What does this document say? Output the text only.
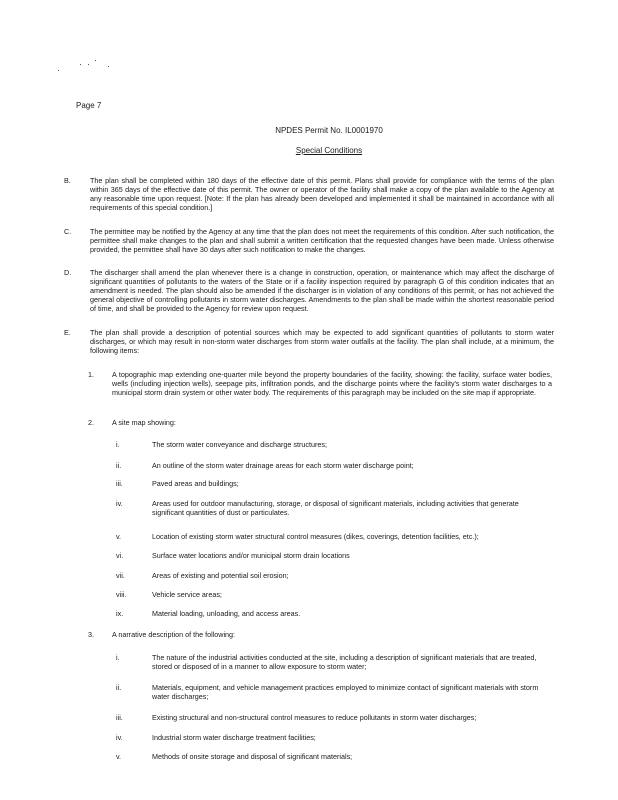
Page 7
NPDES Permit No. IL0001970
Special Conditions
B.	The plan shall be completed within 180 days of the effective date of this permit. Plans shall provide for compliance with the terms of the plan within 365 days of the effective date of this permit. The owner or operator of the facility shall make a copy of the plan available to the Agency at any reasonable time upon request. [Note: If the plan has already been developed and implemented it shall be maintained in accordance with all requirements of this special condition.]
C.	The permittee may be notified by the Agency at any time that the plan does not meet the requirements of this condition. After such notification, the permittee shall make changes to the plan and shall submit a written certification that the requested changes have been made. Unless otherwise provided, the permittee shall have 30 days after such notification to make the changes.
D.	The discharger shall amend the plan whenever there is a change in construction, operation, or maintenance which may affect the discharge of significant quantities of pollutants to the waters of the State or if a facility inspection required by paragraph G of this condition indicates that an amendment is needed. The plan should also be amended if the discharger is in violation of any conditions of this permit, or has not achieved the general objective of controlling pollutants in storm water discharges. Amendments to the plan shall be made within the shortest reasonable period of time, and shall be provided to the Agency for review upon request.
E.	The plan shall provide a description of potential sources which may be expected to add significant quantities of pollutants to storm water discharges, or which may result in non-storm water discharges from storm water outfalls at the facility. The plan shall include, at a minimum, the following items:
1.	A topographic map extending one-quarter mile beyond the property boundaries of the facility, showing: the facility, surface water bodies, wells (including injection wells), seepage pits, infiltration ponds, and the discharge points where the facility's storm water discharges to a municipal storm drain system or other water body. The requirements of this paragraph may be included on the site map if appropriate.
2.	A site map showing:
i.	The storm water conveyance and discharge structures;
ii.	An outline of the storm water drainage areas for each storm water discharge point;
iii.	Paved areas and buildings;
iv.	Areas used for outdoor manufacturing, storage, or disposal of significant materials, including activities that generate significant quantities of dust or particulates.
v.	Location of existing storm water structural control measures (dikes, coverings, detention facilities, etc.);
vi.	Surface water locations and/or municipal storm drain locations
vii.	Areas of existing and potential soil erosion;
viii.	Vehicle service areas;
ix.	Material loading, unloading, and access areas.
3.	A narrative description of the following:
i.	The nature of the industrial activities conducted at the site, including a description of significant materials that are treated, stored or disposed of in a manner to allow exposure to storm water;
ii.	Materials, equipment, and vehicle management practices employed to minimize contact of significant materials with storm water discharges;
iii.	Existing structural and non-structural control measures to reduce pollutants in storm water discharges;
iv.	Industrial storm water discharge treatment facilities;
v.	Methods of onsite storage and disposal of significant materials;
